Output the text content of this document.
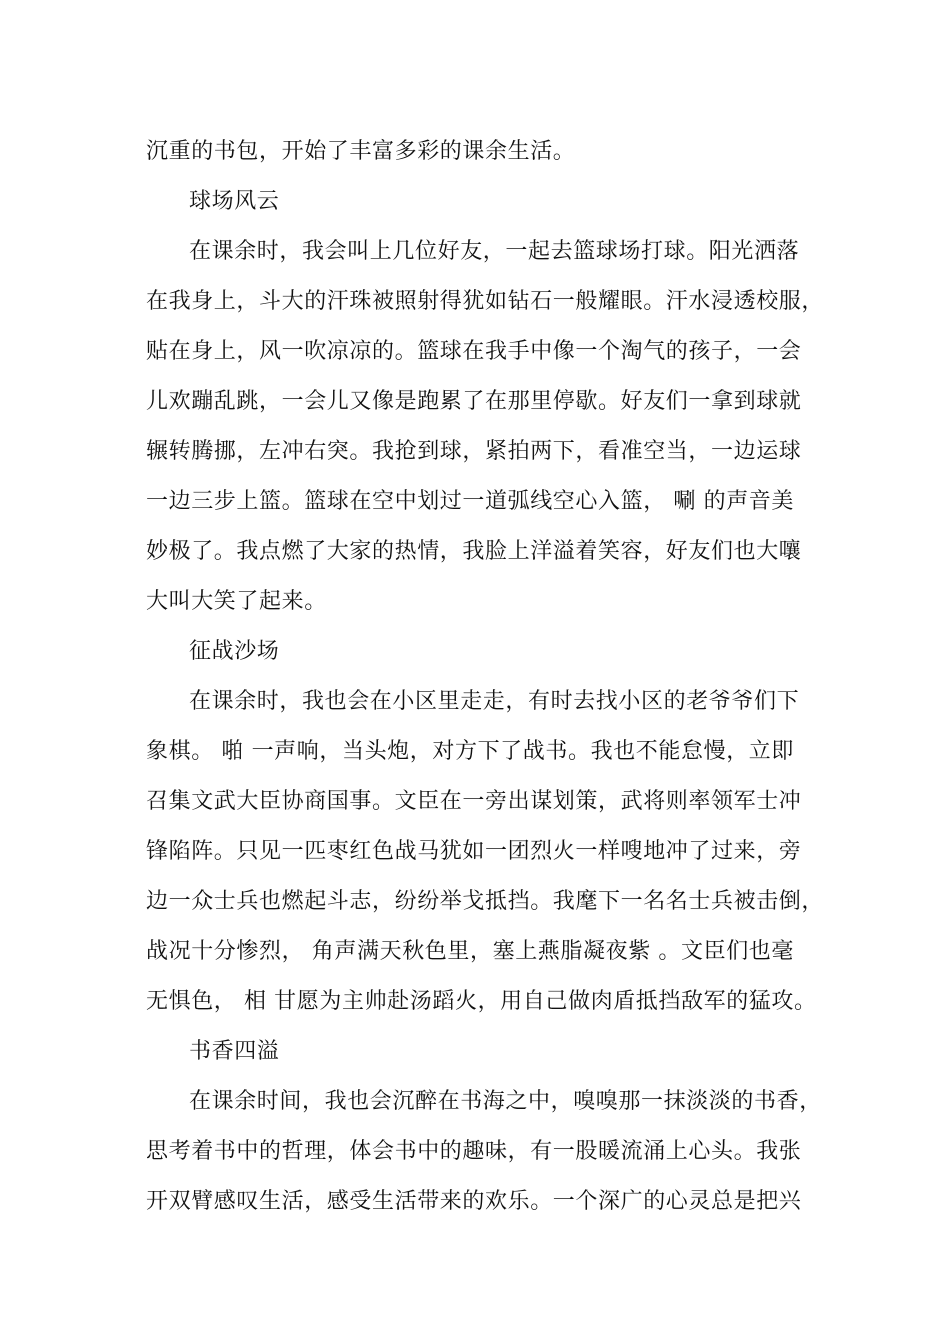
沉重的书包，开始了丰富多彩的课余生活。
球场风云
在课余时，我会叫上几位好友，一起去篮球场打球。阳光洒落
在我身上，斗大的汗珠被照射得犹如钻石一般耀眼。汗水浸透校服，
贴在身上，风一吹凉凉的。篮球在我手中像一个淘气的孩子，一会
儿欢蹦乱跳，一会儿又像是跑累了在那里停歇。好友们一拿到球就
辗转腾挪，左冲右突。我抢到球，紧拍两下，看准空当，一边运球
一边三步上篮。篮球在空中划过一道弧线空心入篮， 唰 的声音美
妙极了。我点燃了大家的热情，我脸上洋溢着笑容，好友们也大嚷
大叫大笑了起来。
征战沙场
在课余时，我也会在小区里走走，有时去找小区的老爷爷们下
象棋。 啪 一声响，当头炮，对方下了战书。我也不能怠慢，立即
召集文武大臣协商国事。文臣在一旁出谋划策，武将则率领军士冲
锋陷阵。只见一匹枣红色战马犹如一团烈火一样嗖地冲了过来，旁
边一众士兵也燃起斗志，纷纷举戈抵挡。我麾下一名名士兵被击倒，
战况十分惨烈， 角声满天秋色里，塞上燕脂凝夜紫 。文臣们也毫
无惧色， 相 甘愿为主帅赴汤蹈火，用自己做肉盾抵挡敌军的猛攻。
书香四溢
在课余时间，我也会沉醉在书海之中，嗅嗅那一抹淡淡的书香，
思考着书中的哲理，体会书中的趣味，有一股暖流涌上心头。我张
开双臂感叹生活，感受生活带来的欢乐。一个深广的心灵总是把兴
